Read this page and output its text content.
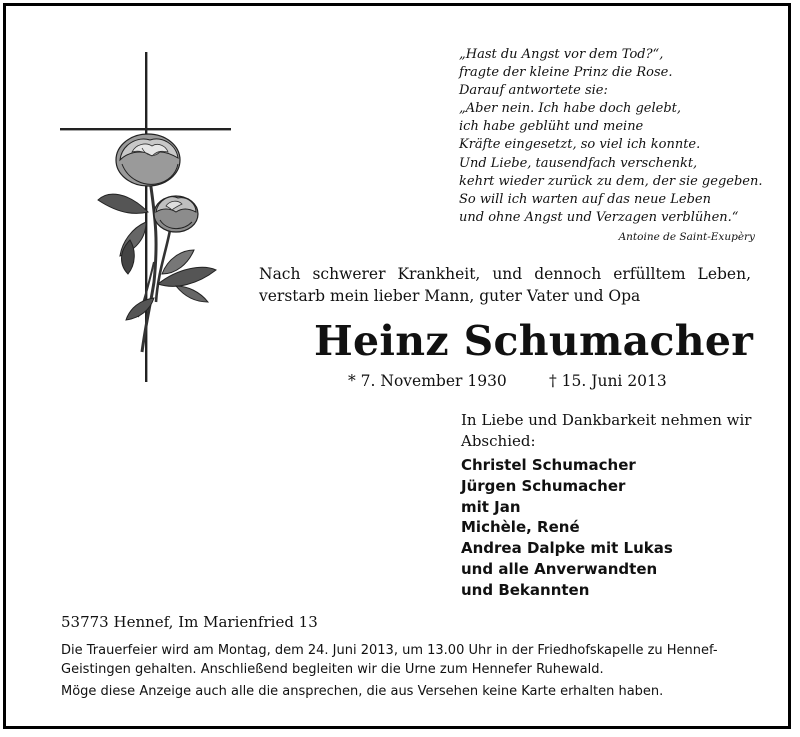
„Hast du Angst vor dem Tod?“,
fragte der kleine Prinz die Rose.
Darauf antwortete sie:
„Aber nein. Ich habe doch gelebt,
ich habe geblüht und meine
Kräfte eingesetzt, so viel ich konnte.
Und Liebe, tausendfach verschenkt,
kehrt wieder zurück zu dem, der sie gegeben.
So will ich warten auf das neue Leben
und ohne Angst und Verzagen verblühen.“
Antoine de Saint-Exupèry
Nach schwerer Krankheit, und dennoch erfülltem Leben, verstarb mein lieber Mann, guter Vater und Opa
Heinz Schumacher
* 7. November 1930	† 15. Juni 2013
In Liebe und Dankbarkeit nehmen wir Abschied:
Christel Schumacher
Jürgen Schumacher
mit Jan
Michèle, René
Andrea Dalpke mit Lukas
und alle Anverwandten
und Bekannten
53773 Hennef, Im Marienfried 13
Die Trauerfeier wird am Montag, dem 24. Juni 2013, um 13.00 Uhr in der Friedhofskapelle zu Hennef-Geistingen gehalten. Anschließend begleiten wir die Urne zum Hennefer Ruhewald.
Möge diese Anzeige auch alle die ansprechen, die aus Versehen keine Karte erhalten haben.
